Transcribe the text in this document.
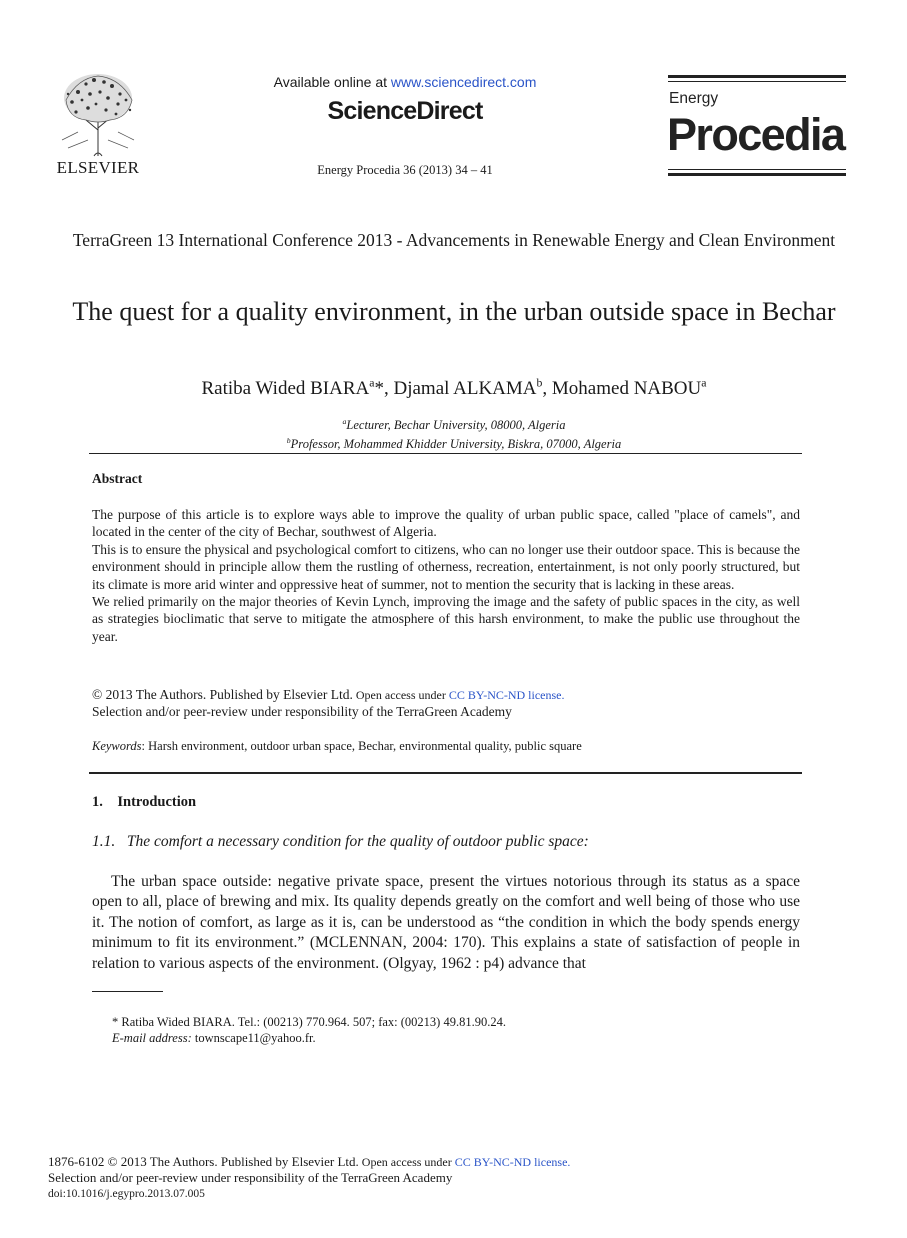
ELSEVIER
Available online at www.sciencedirect.com
ScienceDirect
Energy Procedia 36 (2013) 34 – 41
Energy
Procedia
TerraGreen 13 International Conference 2013 - Advancements in Renewable Energy and Clean Environment
The quest for a quality environment, in the urban outside space in Bechar
Ratiba Wided BIARA$^a$*, Djamal ALKAMA$^b$, Mohamed NABOU$^a$
$^a$Lecturer, Bechar University, 08000, Algeria
$^b$Professor, Mohammed Khidder University, Biskra, 07000, Algeria
Abstract

The purpose of this article is to explore ways able to improve the quality of urban public space, called "place of camels", and located in the center of the city of Bechar, southwest of Algeria.

This is to ensure the physical and psychological comfort to citizens, who can no longer use their outdoor space. This is because the environment should in principle allow them the rustling of otherness, recreation, entertainment, is not only poorly structured, but its climate is more arid winter and oppressive heat of summer, not to mention the security that is lacking in these areas.

We relied primarily on the major theories of Kevin Lynch, improving the image and the safety of public spaces in the city, as well as strategies bioclimatic that serve to mitigate the atmosphere of this harsh environment, to make the public use throughout the year.

© 2013 The Authors. Published by Elsevier Ltd. Open access under CC BY-NC-ND license.
Selection and/or peer-review under responsibility of the TerraGreen Academy
Keywords: Harsh environment, outdoor urban space, Bechar, environmental quality, public square
1.    Introduction
1.1.   The comfort a necessary condition for the quality of outdoor public space:

The urban space outside: negative private space, present the virtues notorious through its status as a space open to all, place of brewing and mix. Its quality depends greatly on the comfort and well being of those who use it. The notion of comfort, as large as it is, can be understood as “the condition in which the body spends energy minimum to fit its environment.” (MCLENNAN, 2004: 170). This explains a state of satisfaction of people in relation to various aspects of the environment. (Olgyay, 1962 : p4) advance that

* Ratiba Wided BIARA. Tel.: (00213) 770.964. 507; fax: (00213) 49.81.90.24.
E-mail address: townscape11@yahoo.fr.
1876-6102 © 2013 The Authors. Published by Elsevier Ltd. Open access under CC BY-NC-ND license.
Selection and/or peer-review under responsibility of the TerraGreen Academy
doi:10.1016/j.egypro.2013.07.005
